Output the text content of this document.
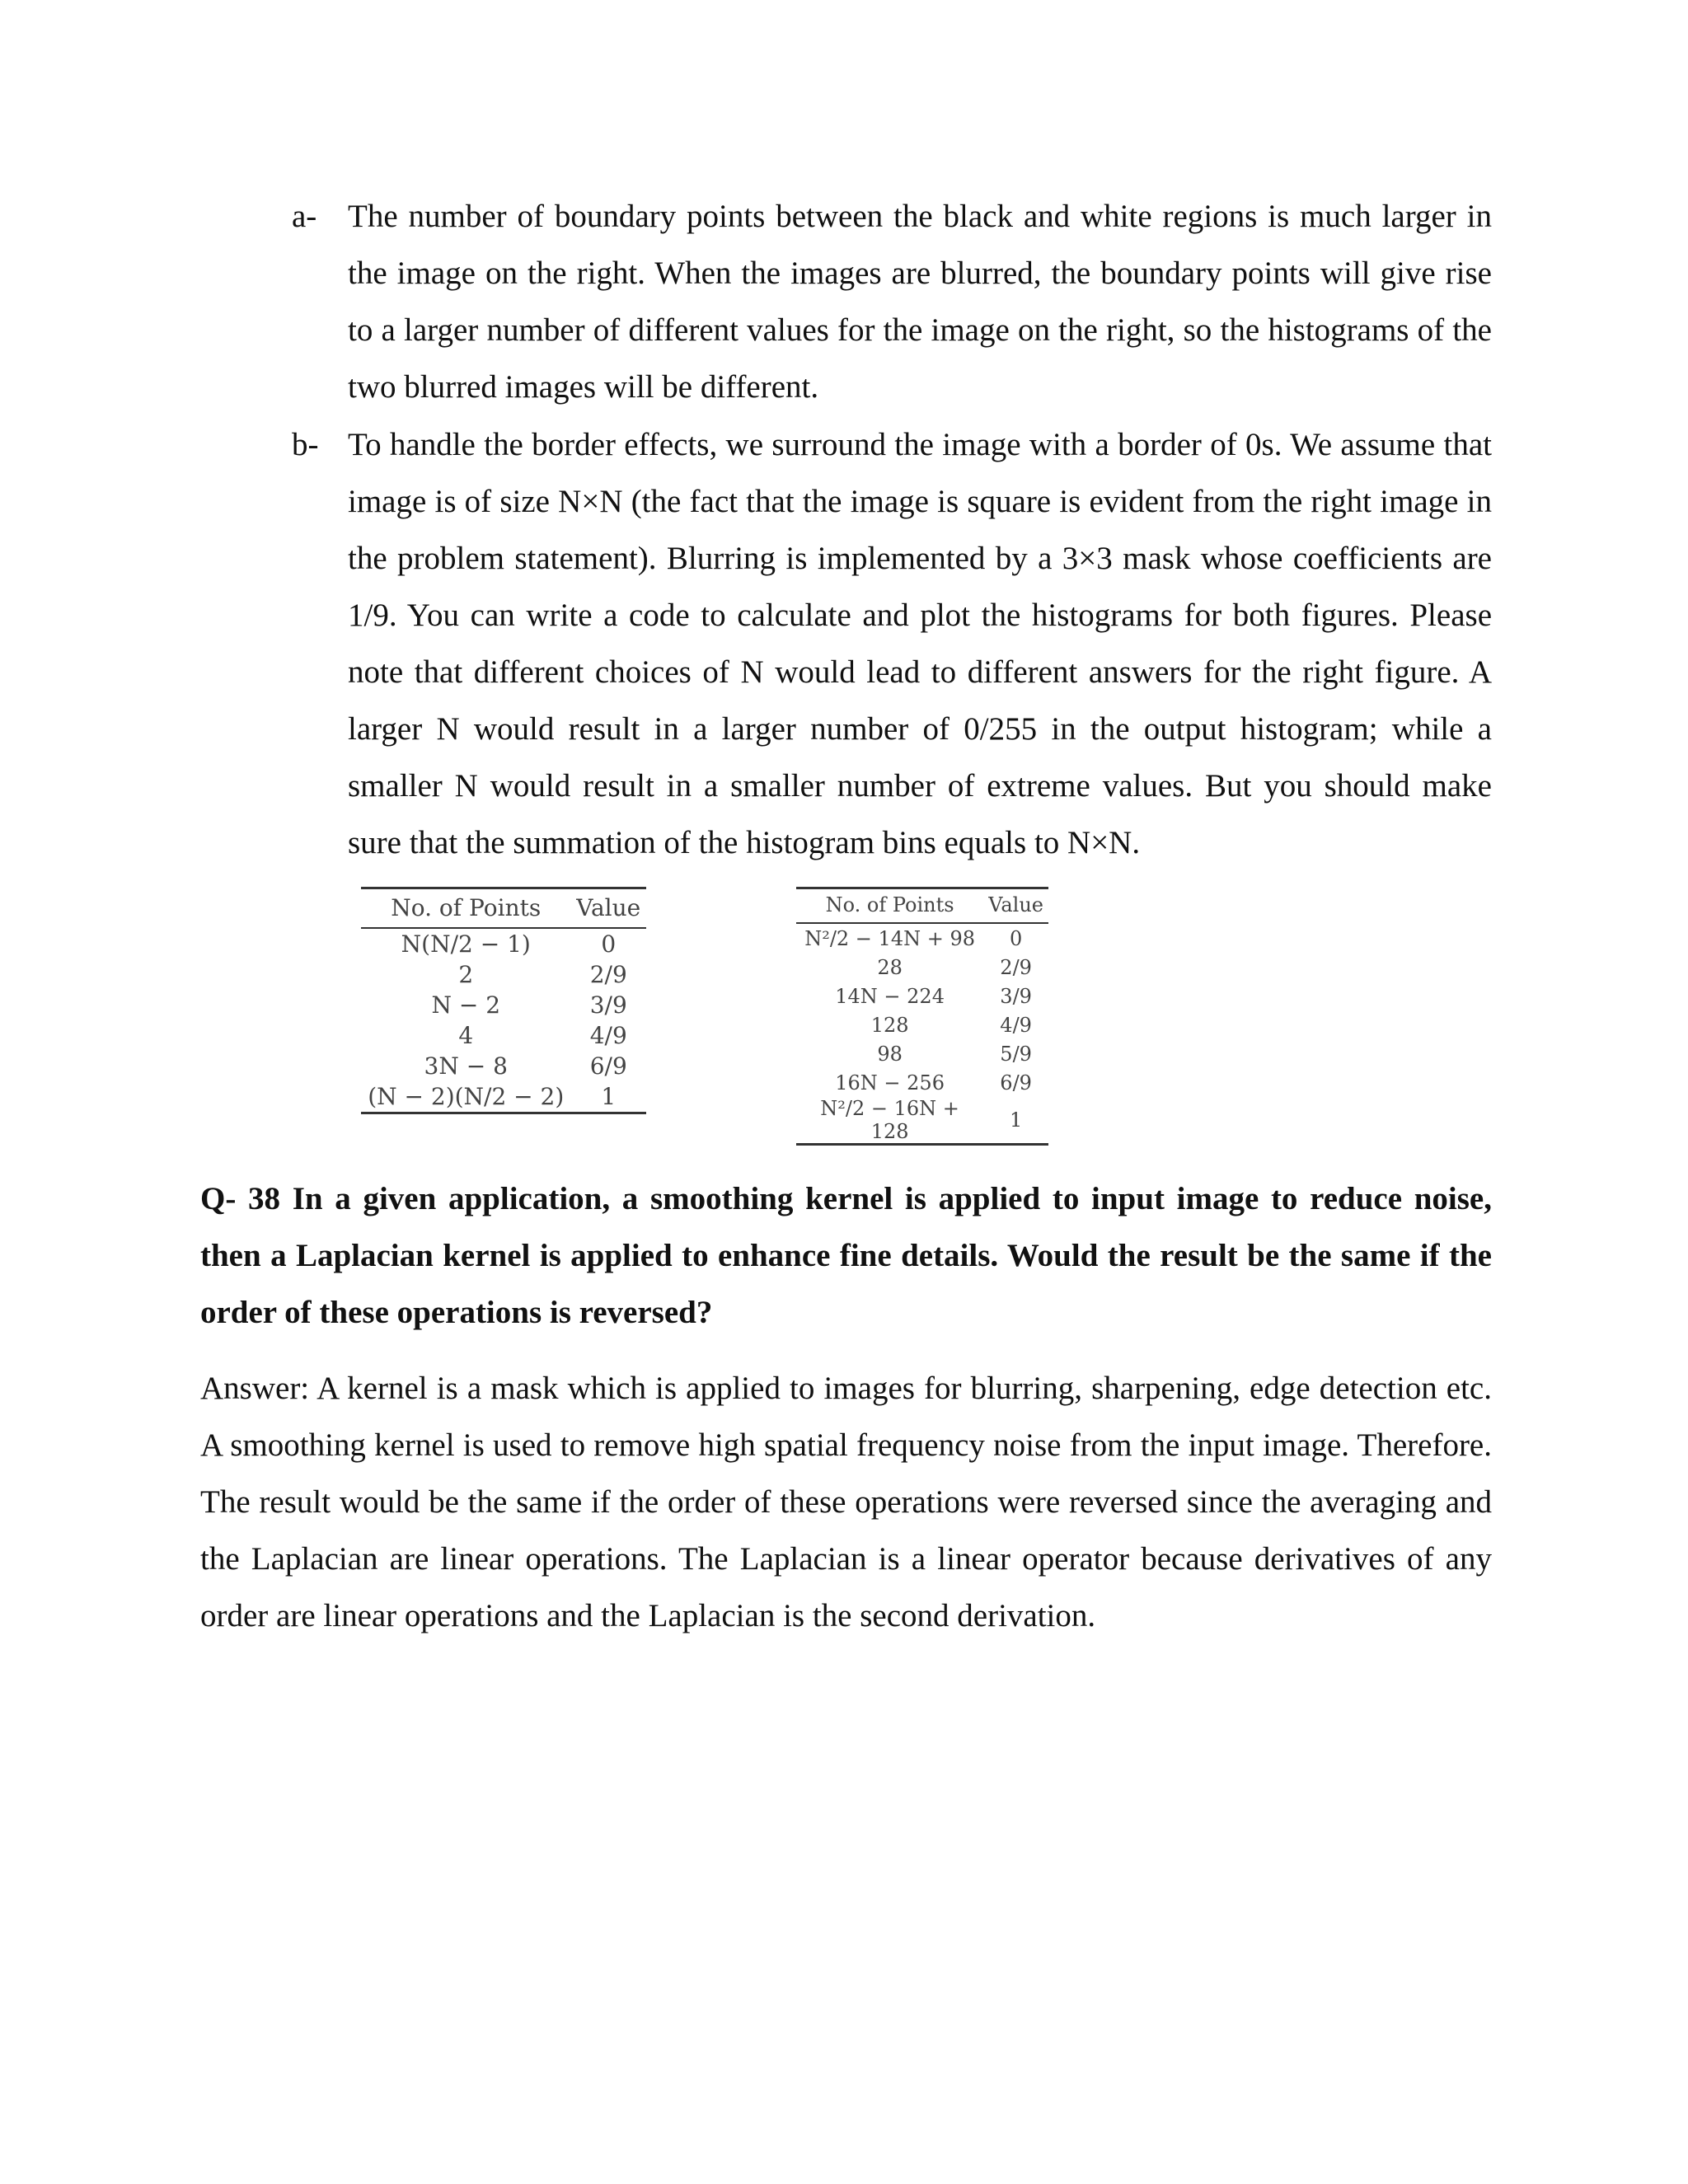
a- The number of boundary points between the black and white regions is much larger in the image on the right. When the images are blurred, the boundary points will give rise to a larger number of different values for the image on the right, so the histograms of the two blurred images will be different.

b- To handle the border effects, we surround the image with a border of 0s. We assume that image is of size N×N (the fact that the image is square is evident from the right image in the problem statement). Blurring is implemented by a 3×3 mask whose coefficients are 1/9. You can write a code to calculate and plot the histograms for both figures. Please note that different choices of N would lead to different answers for the right figure. A larger N would result in a larger number of 0/255 in the output histogram; while a smaller N would result in a smaller number of extreme values. But you should make sure that the summation of the histogram bins equals to N×N.

No. of Points	Value
N(N/2 − 1)	0
2	2/9
N − 2	3/9
4	4/9
3N − 8	6/9
(N − 2)(N/2 − 2)	1
No. of Points	Value
N²/2 − 14N + 98	0
28	2/9
14N − 224	3/9
128	4/9
98	5/9
16N − 256	6/9
N²/2 − 16N + 128	1

Q- 38 In a given application, a smoothing kernel is applied to input image to reduce noise, then a Laplacian kernel is applied to enhance fine details. Would the result be the same if the order of these operations is reversed?

Answer: A kernel is a mask which is applied to images for blurring, sharpening, edge detection etc. A smoothing kernel is used to remove high spatial frequency noise from the input image. Therefore. The result would be the same if the order of these operations were reversed since the averaging and the Laplacian are linear operations. The Laplacian is a linear operator because derivatives of any order are linear operations and the Laplacian is the second derivation.
